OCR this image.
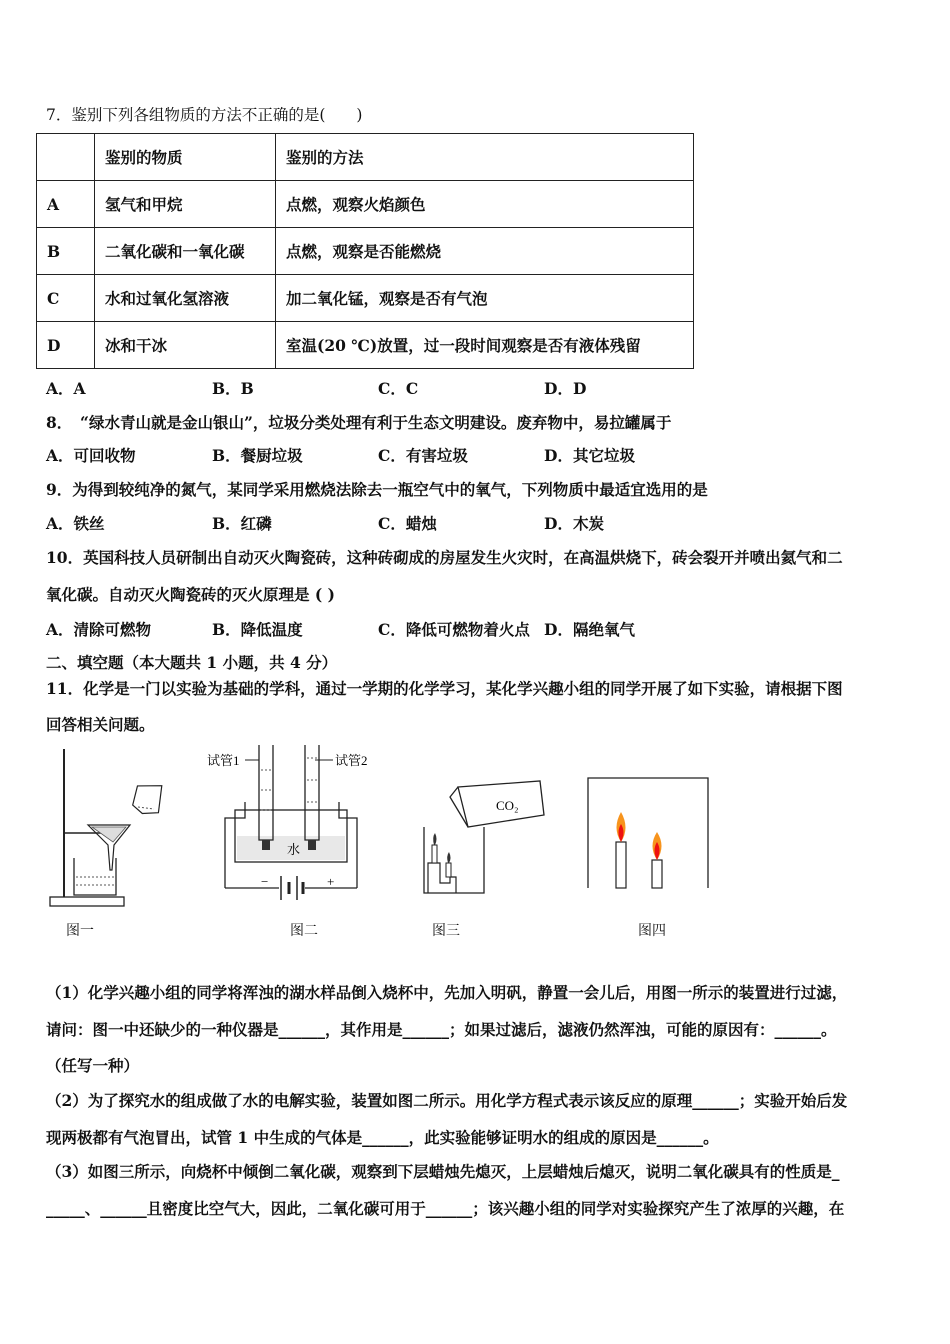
7．鉴别下列各组物质的方法不正确的是(　　)
	鉴别的物质	鉴别的方法
A	氢气和甲烷	点燃，观察火焰颜色
B	二氧化碳和一氧化碳	点燃，观察是否能燃烧
C	水和过氧化氢溶液	加二氧化锰，观察是否有气泡
D	冰和干冰	室温(20 ℃)放置，过一段时间观察是否有液体残留
A．A	B．B	C．C	D．D
8．　“绿水青山就是金山银山”，垃圾分类处理有利于生态文明建设。废弃物中，易拉罐属于
A．可回收物	B．餐厨垃圾	C．有害垃圾	D．其它垃圾
9．为得到较纯净的氮气，某同学采用燃烧法除去一瓶空气中的氧气，下列物质中最适宜选用的是
A．铁丝	B．红磷	C．蜡烛	D．木炭
10．英国科技人员研制出自动灭火陶瓷砖，这种砖砌成的房屋发生火灾时，在高温烘烧下，砖会裂开并喷出氦气和二
氧化碳。自动灭火陶瓷砖的灭火原理是 ( )
A．清除可燃物	B．降低温度	C．降低可燃物着火点 D．隔绝氧气
二、填空题（本大题共 1 小题，共 4 分）
11．化学是一门以实验为基础的学科，通过一学期的化学学习，某化学兴趣小组的同学开展了如下实验，请根据下图
回答相关问题。
图一
试管1	试管2
水
−	+
图二
CO₂
图三	图四
（1）化学兴趣小组的同学将浑浊的湖水样品倒入烧杯中，先加入明矾，静置一会儿后，用图一所示的装置进行过滤，
请问：图一中还缺少的一种仪器是______，其作用是______；如果过滤后，滤液仍然浑浊，可能的原因有：______。
（任写一种）
（2）为了探究水的组成做了水的电解实验，装置如图二所示。用化学方程式表示该反应的原理______；实验开始后发
现两极都有气泡冒出，试管 1 中生成的气体是______，此实验能够证明水的组成的原因是______。
（3）如图三所示，向烧杯中倾倒二氧化碳，观察到下层蜡烛先熄灭，上层蜡烛后熄灭，说明二氧化碳具有的性质是_
_____、______且密度比空气大，因此，二氧化碳可用于______；该兴趣小组的同学对实验探究产生了浓厚的兴趣，在
